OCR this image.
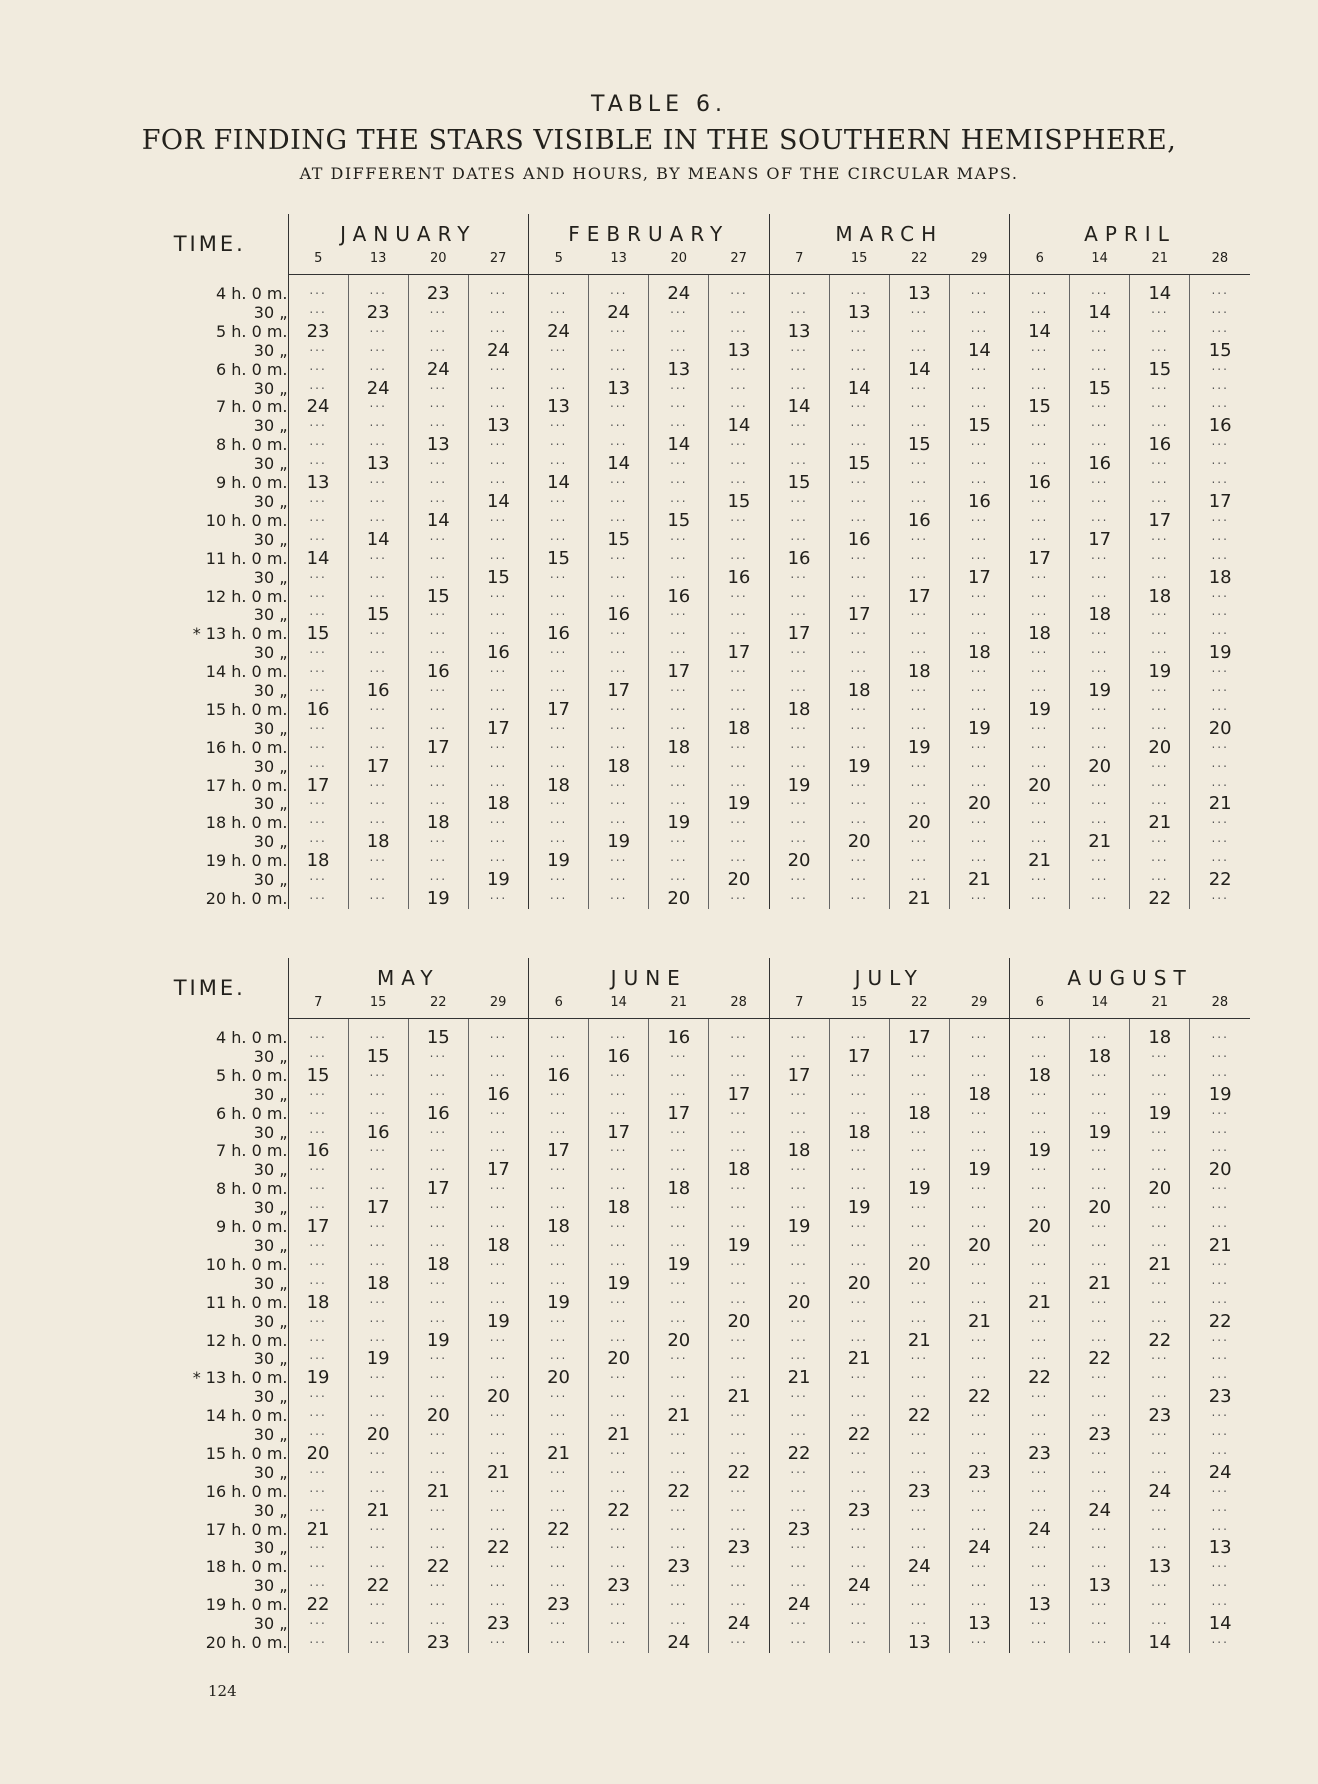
TABLE 6.
FOR FINDING THE STARS VISIBLE IN THE SOUTHERN HEMISPHERE,
AT DIFFERENT DATES AND HOURS, BY MEANS OF THE CIRCULAR MAPS.
TIME.	JANUARY				FEBRUARY				MARCH				APRIL			
	5	13	20	27	5	13	20	27	7	15	22	29	6	14	21	28

4 h. 0 m.	...	...	23	...	...	...	24	...	...	...	13	...	...	...	14	...

30 „	...	23	...	...	...	24	...	...	...	13	...	...	...	14	...	...

5 h. 0 m.	23	...	...	...	24	...	...	...	13	...	...	...	14	...	...	...

30 „	...	...	...	24	...	...	...	13	...	...	...	14	...	...	...	15

6 h. 0 m.	...	...	24	...	...	...	13	...	...	...	14	...	...	...	15	...

30 „	...	24	...	...	...	13	...	...	...	14	...	...	...	15	...	...

7 h. 0 m.	24	...	...	...	13	...	...	...	14	...	...	...	15	...	...	...

30 „	...	...	...	13	...	...	...	14	...	...	...	15	...	...	...	16

8 h. 0 m.	...	...	13	...	...	...	14	...	...	...	15	...	...	...	16	...

30 „	...	13	...	...	...	14	...	...	...	15	...	...	...	16	...	...

9 h. 0 m.	13	...	...	...	14	...	...	...	15	...	...	...	16	...	...	...

30 „	...	...	...	14	...	...	...	15	...	...	...	16	...	...	...	17

10 h. 0 m.	...	...	14	...	...	...	15	...	...	...	16	...	...	...	17	...

30 „	...	14	...	...	...	15	...	...	...	16	...	...	...	17	...	...

11 h. 0 m.	14	...	...	...	15	...	...	...	16	...	...	...	17	...	...	...

30 „	...	...	...	15	...	...	...	16	...	...	...	17	...	...	...	18

12 h. 0 m.	...	...	15	...	...	...	16	...	...	...	17	...	...	...	18	...

30 „	...	15	...	...	...	16	...	...	...	17	...	...	...	18	...	...

* 13 h. 0 m.	15	...	...	...	16	...	...	...	17	...	...	...	18	...	...	...

30 „	...	...	...	16	...	...	...	17	...	...	...	18	...	...	...	19

14 h. 0 m.	...	...	16	...	...	...	17	...	...	...	18	...	...	...	19	...

30 „	...	16	...	...	...	17	...	...	...	18	...	...	...	19	...	...

15 h. 0 m.	16	...	...	...	17	...	...	...	18	...	...	...	19	...	...	...

30 „	...	...	...	17	...	...	...	18	...	...	...	19	...	...	...	20

16 h. 0 m.	...	...	17	...	...	...	18	...	...	...	19	...	...	...	20	...

30 „	...	17	...	...	...	18	...	...	...	19	...	...	...	20	...	...

17 h. 0 m.	17	...	...	...	18	...	...	...	19	...	...	...	20	...	...	...

30 „	...	...	...	18	...	...	...	19	...	...	...	20	...	...	...	21

18 h. 0 m.	...	...	18	...	...	...	19	...	...	...	20	...	...	...	21	...

30 „	...	18	...	...	...	19	...	...	...	20	...	...	...	21	...	...

19 h. 0 m.	18	...	...	...	19	...	...	...	20	...	...	...	21	...	...	...

30 „	...	...	...	19	...	...	...	20	...	...	...	21	...	...	...	22

20 h. 0 m.	...	...	19	...	...	...	20	...	...	...	21	...	...	...	22	...
TIME.	MAY				JUNE				JULY				AUGUST			
	7	15	22	29	6	14	21	28	7	15	22	29	6	14	21	28

4 h. 0 m.	...	...	15	...	...	...	16	...	...	...	17	...	...	...	18	...

30 „	...	15	...	...	...	16	...	...	...	17	...	...	...	18	...	...

5 h. 0 m.	15	...	...	...	16	...	...	...	17	...	...	...	18	...	...	...

30 „	...	...	...	16	...	...	...	17	...	...	...	18	...	...	...	19

6 h. 0 m.	...	...	16	...	...	...	17	...	...	...	18	...	...	...	19	...

30 „	...	16	...	...	...	17	...	...	...	18	...	...	...	19	...	...

7 h. 0 m.	16	...	...	...	17	...	...	...	18	...	...	...	19	...	...	...

30 „	...	...	...	17	...	...	...	18	...	...	...	19	...	...	...	20

8 h. 0 m.	...	...	17	...	...	...	18	...	...	...	19	...	...	...	20	...

30 „	...	17	...	...	...	18	...	...	...	19	...	...	...	20	...	...

9 h. 0 m.	17	...	...	...	18	...	...	...	19	...	...	...	20	...	...	...

30 „	...	...	...	18	...	...	...	19	...	...	...	20	...	...	...	21

10 h. 0 m.	...	...	18	...	...	...	19	...	...	...	20	...	...	...	21	...

30 „	...	18	...	...	...	19	...	...	...	20	...	...	...	21	...	...

11 h. 0 m.	18	...	...	...	19	...	...	...	20	...	...	...	21	...	...	...

30 „	...	...	...	19	...	...	...	20	...	...	...	21	...	...	...	22

12 h. 0 m.	...	...	19	...	...	...	20	...	...	...	21	...	...	...	22	...

30 „	...	19	...	...	...	20	...	...	...	21	...	...	...	22	...	...

* 13 h. 0 m.	19	...	...	...	20	...	...	...	21	...	...	...	22	...	...	...

30 „	...	...	...	20	...	...	...	21	...	...	...	22	...	...	...	23

14 h. 0 m.	...	...	20	...	...	...	21	...	...	...	22	...	...	...	23	...

30 „	...	20	...	...	...	21	...	...	...	22	...	...	...	23	...	...

15 h. 0 m.	20	...	...	...	21	...	...	...	22	...	...	...	23	...	...	...

30 „	...	...	...	21	...	...	...	22	...	...	...	23	...	...	...	24

16 h. 0 m.	...	...	21	...	...	...	22	...	...	...	23	...	...	...	24	...

30 „	...	21	...	...	...	22	...	...	...	23	...	...	...	24	...	...

17 h. 0 m.	21	...	...	...	22	...	...	...	23	...	...	...	24	...	...	...

30 „	...	...	...	22	...	...	...	23	...	...	...	24	...	...	...	13

18 h. 0 m.	...	...	22	...	...	...	23	...	...	...	24	...	...	...	13	...

30 „	...	22	...	...	...	23	...	...	...	24	...	...	...	13	...	...

19 h. 0 m.	22	...	...	...	23	...	...	...	24	...	...	...	13	...	...	...

30 „	...	...	...	23	...	...	...	24	...	...	...	13	...	...	...	14

20 h. 0 m.	...	...	23	...	...	...	24	...	...	...	13	...	...	...	14	...
124
